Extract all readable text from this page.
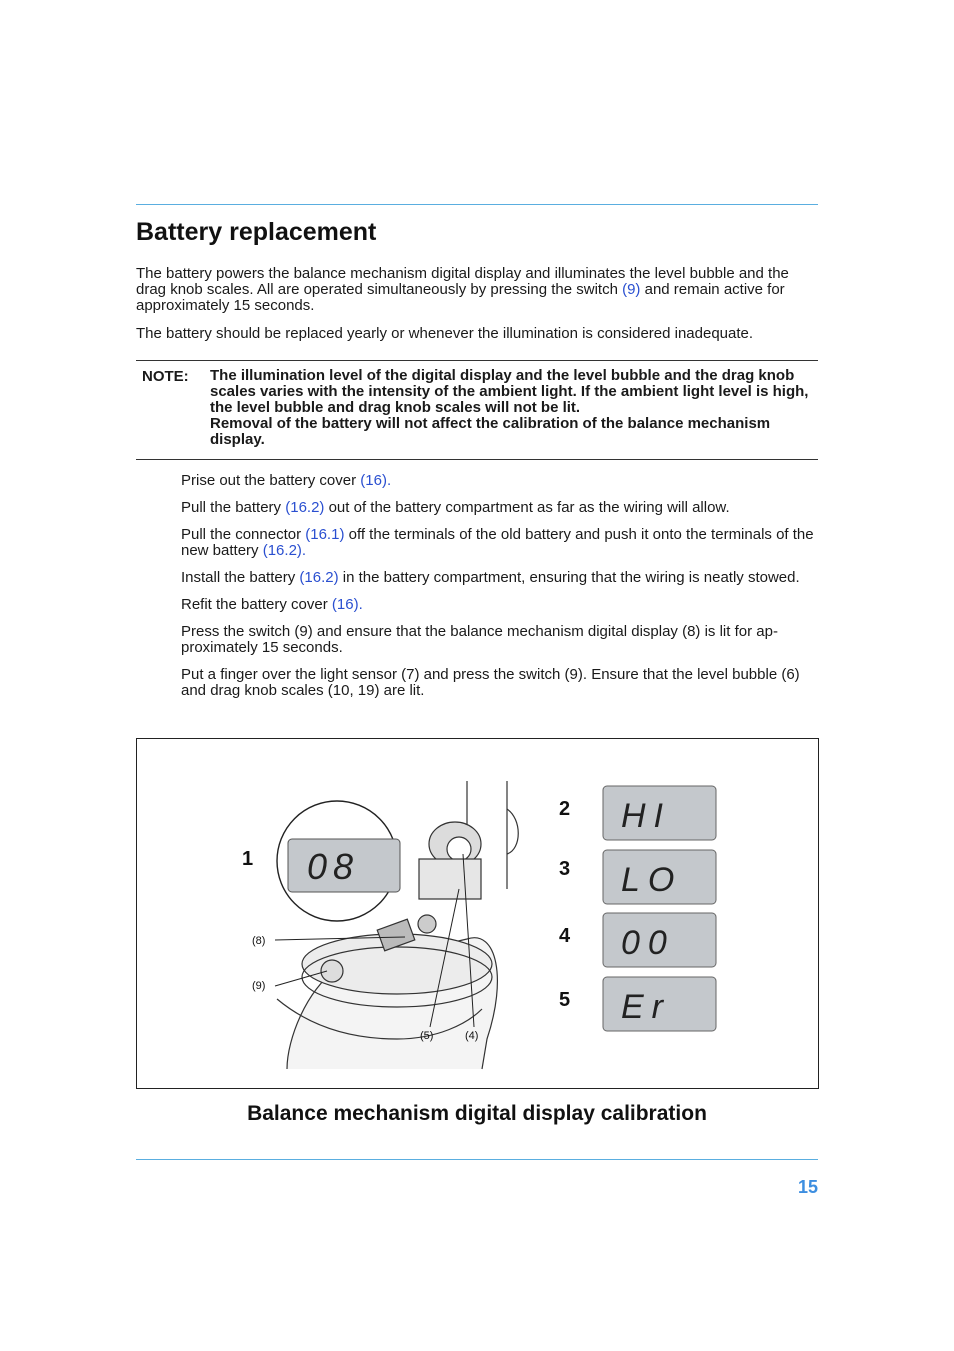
Battery replacement

The battery powers the balance mechanism digital display and illuminates the level bubble and the drag knob scales. All are operated simultaneously by pressing the switch (9) and remain active for approximately 15 seconds.

The battery should be replaced yearly or whenever the illumination is considered inadequate.

NOTE: The illumination level of the digital display and the level bubble and the drag knob scales varies with the intensity of the ambient light. If the ambient light level is high, the level bubble and drag knob scales will not be lit.
Removal of the battery will not affect the calibration of the balance mechanism display.

Prise out the battery cover (16).
Pull the battery (16.2) out of the battery compartment as far as the wiring will allow.
Pull the connector (16.1) off the terminals of the old battery and push it onto the terminals of the new battery (16.2).
Install the battery (16.2) in the battery compartment, ensuring that the wiring is neatly stowed.
Refit the battery cover (16).
Press the switch (9) and ensure that the balance mechanism digital display (8) is lit for ap-proximately 15 seconds.
Put a finger over the light sensor (7) and press the switch (9). Ensure that the level bubble (6) and drag knob scales (10, 19) are lit.
08
1
(8)
(9)
(5)	(4)
2 HI
3 LO
4 00
5 Er
Balance mechanism digital display calibration
15
